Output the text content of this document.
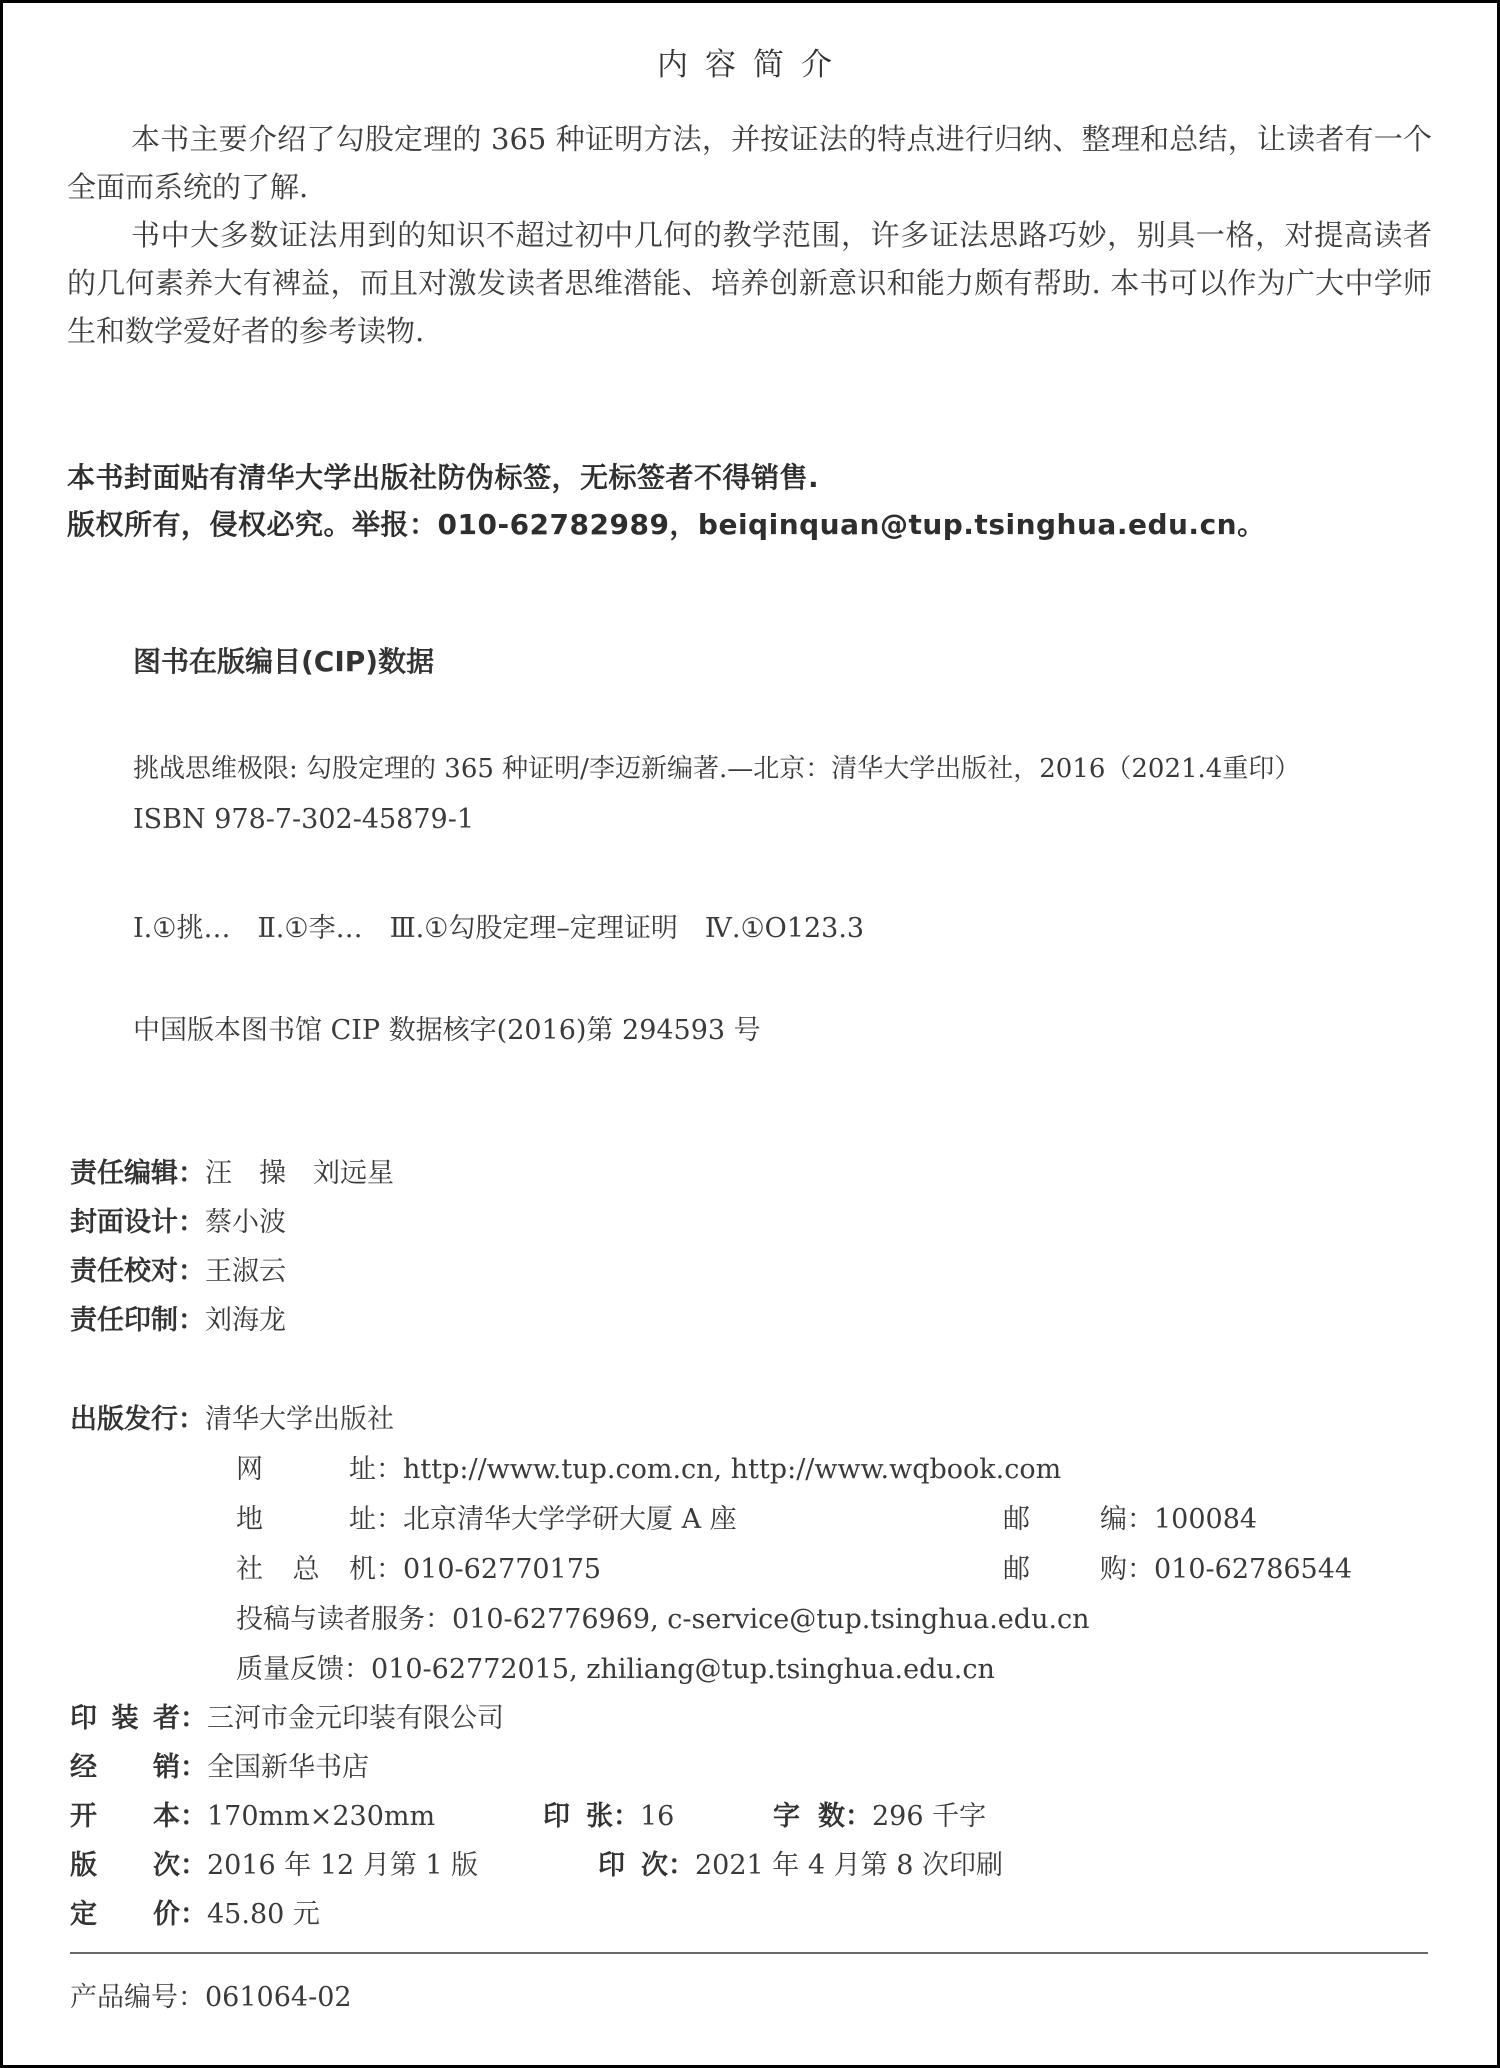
内容简介

本书主要介绍了勾股定理的 365 种证明方法，并按证法的特点进行归纳、整理和总结，让读者有一个全面而系统的了解.

书中大多数证法用到的知识不超过初中几何的教学范围，许多证法思路巧妙，别具一格，对提高读者的几何素养大有裨益，而且对激发读者思维潜能、培养创新意识和能力颇有帮助. 本书可以作为广大中学师生和数学爱好者的参考读物.

本书封面贴有清华大学出版社防伪标签，无标签者不得销售.
版权所有，侵权必究。举报：010-62782989，beiqinquan@tup.tsinghua.edu.cn。
图书在版编目(CIP)数据
挑战思维极限: 勾股定理的 365 种证明/李迈新编著.—北京：清华大学出版社，2016（2021.4重印）
ISBN 978-7-302-45879-1
Ⅰ.①挑…　Ⅱ.①李…　Ⅲ.①勾股定理–定理证明　Ⅳ.①O123.3
中国版本图书馆 CIP 数据核字(2016)第 294593 号
责任编辑：汪　操　刘远星
封面设计：蔡小波
责任校对：王淑云
责任印制：刘海龙
出版发行：清华大学出版社
网	址 ：http://www.tup.com.cn, http://www.wqbook.com
地	址 ：北京清华大学学研大厦 A 座	邮	编 ：100084
社 总 机 ：010-62770175	邮	购 ：010-62786544
投稿与读者服务：010-62776969, c-service@tup.tsinghua.edu.cn
质量反馈：010-62772015, zhiliang@tup.tsinghua.edu.cn
印 装 者 ：三河市金元印装有限公司
经 销 ：全国新华书店
开 本 ：170mm×230mm	印 张 ：16	字 数 ：296 千字
版 次 ：2016 年 12 月第 1 版	印 次 ：2021 年 4 月第 8 次印刷
定 价 ：45.80 元
产品编号：061064-02
